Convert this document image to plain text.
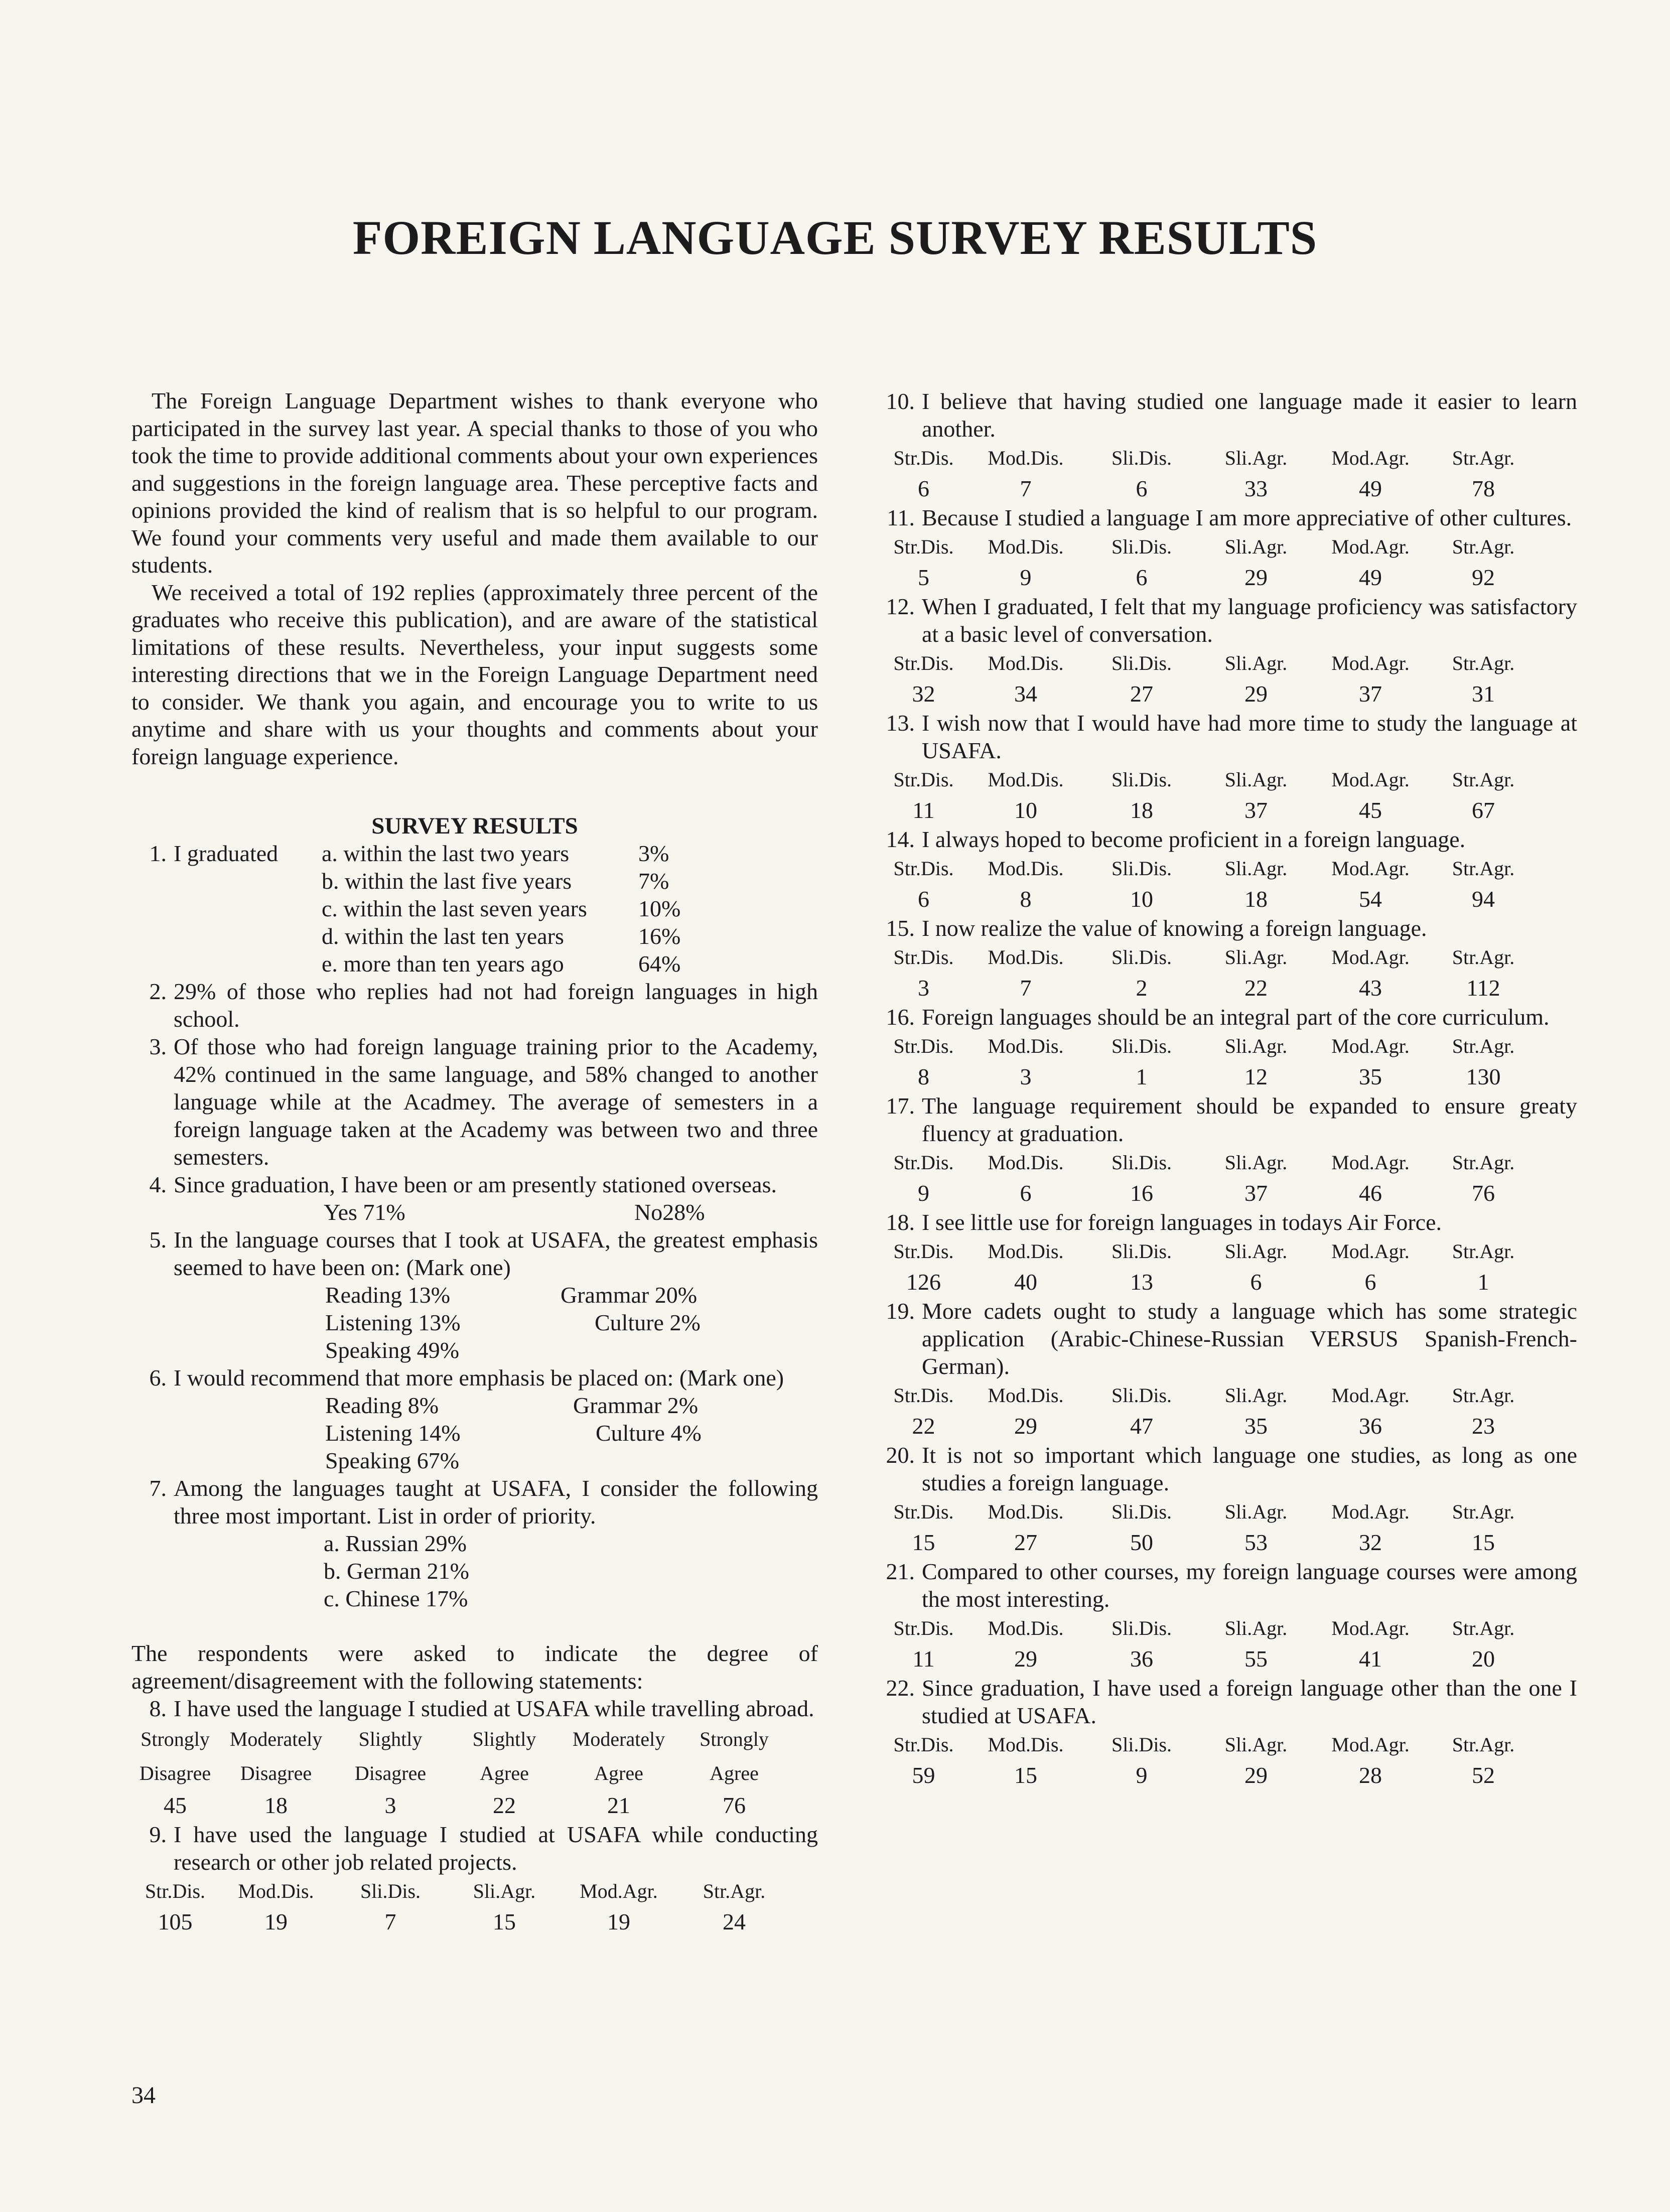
FOREIGN LANGUAGE SURVEY RESULTS

The Foreign Language Department wishes to thank everyone who participated in the survey last year. A special thanks to those of you who took the time to provide additional comments about your own experiences and suggestions in the foreign language area. These perceptive facts and opinions provided the kind of realism that is so helpful to our program. We found your comments very useful and made them available to our students.

We received a total of 192 replies (approximately three percent of the graduates who receive this publication), and are aware of the statistical limitations of these results. Nevertheless, your input suggests some interesting directions that we in the Foreign Language Department need to consider. We thank you again, and encourage you to write to us anytime and share with us your thoughts and comments about your foreign language experience.

SURVEY RESULTS
1. I graduated a. within the last two years	3%
b. within the last five years	7%
c. within the last seven years 10%
d. within the last ten years	16%
e. more than ten years ago	64%
2. 29% of those who replies had not had foreign languages in high school.
3. Of those who had foreign language training prior to the Academy, 42% continued in the same language, and 58% changed to another language while at the Acadmey. The average of semesters in a foreign language taken at the Academy was between two and three semesters.
4. Since graduation, I have been or am presently stationed overseas.
Yes 71%	No28%
5. In the language courses that I took at USAFA, the greatest emphasis seemed to have been on: (Mark one)
Reading 13%	Grammar 20%
Listening 13%	Culture 2%
Speaking 49%
6. I would recommend that more emphasis be placed on: (Mark one)
Reading 8%	Grammar 2%
Listening 14%	Culture 4%
Speaking 67%
7. Among the languages taught at USAFA, I consider the following three most important. List in order of priority.
a. Russian 29%
b. German 21%
c. Chinese 17%

The respondents were asked to indicate the degree of agreement/disagreement with the following statements:

8. I have used the language I studied at USAFA while travelling abroad.
Strongly Moderately	Slightly	Slightly	Moderately	Strongly
Disagree	Disagree	Disagree	Agree	Agree	Agree
45	18	3	22	21	76
9. I have used the language I studied at USAFA while conducting research or other job related projects.
Str.Dis.	Mod.Dis.	Sli.Dis.	Sli.Agr.	Mod.Agr.	Str.Agr.
105	19	7	15	19	24
10. I believe that having studied one language made it easier to learn another.
Str.Dis.	Mod.Dis.	Sli.Dis.	Sli.Agr.	Mod.Agr.	Str.Agr.
6	7	6	33	49	78
11. Because I studied a language I am more appreciative of other cultures.
Str.Dis.	Mod.Dis.	Sli.Dis.	Sli.Agr.	Mod.Agr.	Str.Agr.
5	9	6	29	49	92
12. When I graduated, I felt that my language proficiency was satisfactory at a basic level of conversation.
Str.Dis.	Mod.Dis.	Sli.Dis.	Sli.Agr.	Mod.Agr.	Str.Agr.
32	34	27	29	37	31
13. I wish now that I would have had more time to study the language at USAFA.
Str.Dis.	Mod.Dis.	Sli.Dis.	Sli.Agr.	Mod.Agr.	Str.Agr.
11	10	18	37	45	67
14. I always hoped to become proficient in a foreign language.
Str.Dis.	Mod.Dis.	Sli.Dis.	Sli.Agr.	Mod.Agr.	Str.Agr.
6	8	10	18	54	94
15. I now realize the value of knowing a foreign language.
Str.Dis.	Mod.Dis.	Sli.Dis.	Sli.Agr.	Mod.Agr.	Str.Agr.
3	7	2	22	43	112
16. Foreign languages should be an integral part of the core curriculum.
Str.Dis.	Mod.Dis.	Sli.Dis.	Sli.Agr.	Mod.Agr.	Str.Agr.
8	3	1	12	35	130
17. The language requirement should be expanded to ensure greaty fluency at graduation.
Str.Dis.	Mod.Dis.	Sli.Dis.	Sli.Agr.	Mod.Agr.	Str.Agr.
9	6	16	37	46	76
18. I see little use for foreign languages in todays Air Force.
Str.Dis.	Mod.Dis.	Sli.Dis.	Sli.Agr.	Mod.Agr.	Str.Agr.
126	40	13	6	6	1
19. More cadets ought to study a language which has some strategic application (Arabic-Chinese-Russian VERSUS Spanish-French-German).
Str.Dis.	Mod.Dis.	Sli.Dis.	Sli.Agr.	Mod.Agr.	Str.Agr.
22	29	47	35	36	23
20. It is not so important which language one studies, as long as one studies a foreign language.
Str.Dis.	Mod.Dis.	Sli.Dis.	Sli.Agr.	Mod.Agr.	Str.Agr.
15	27	50	53	32	15
21. Compared to other courses, my foreign language courses were among the most interesting.
Str.Dis.	Mod.Dis.	Sli.Dis.	Sli.Agr.	Mod.Agr.	Str.Agr.
11	29	36	55	41	20
22. Since graduation, I have used a foreign language other than the one I studied at USAFA.
Str.Dis.	Mod.Dis.	Sli.Dis.	Sli.Agr.	Mod.Agr.	Str.Agr.
59	15	9	29	28	52
34
